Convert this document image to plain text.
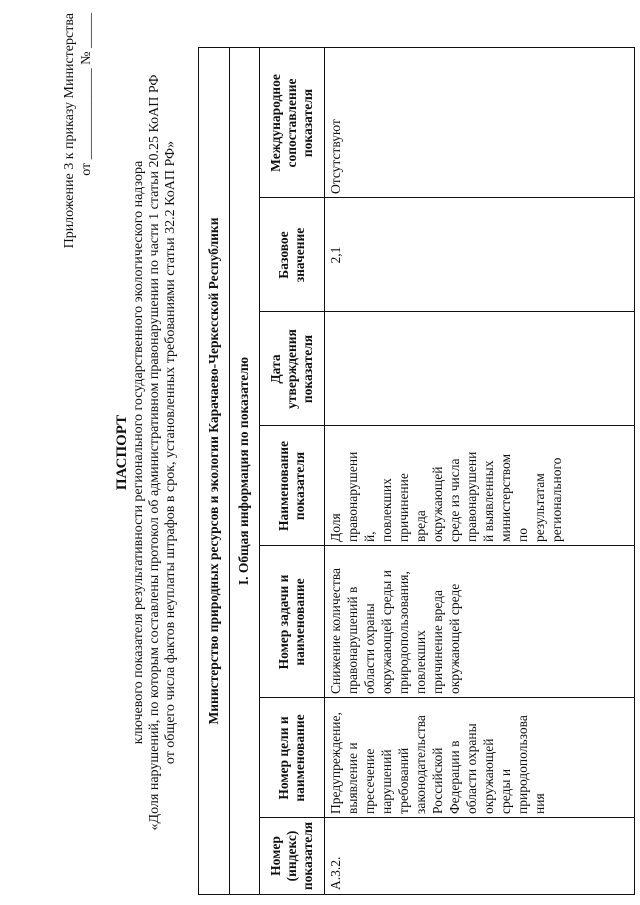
Приложение 3 к приказу Министерства от _____________ № _____
ПАСПОРТ ключевого показателя результативности регионального государственного экологического надзора «Доля нарушений, по которым составлены протокол об административном правонарушении по части 1 статьи 20.25 КоАП РФ от общего числа фактов неуплаты штрафов в срок, установленных требованиями статьи 32.2 КоАП РФ»	Министерство природных ресурсов и экологии Карачаево-Черкесской Республики	I. Общая информация по показателю
Номер (индекс) показателя
Номер цели и наименование
Номер задачи и наименование
Наименование показателя
Дата утверждения показателя
Базовое значение
Международное сопоставление показателя
А.3.2.
Предупреждение, выявление и пресечение нарушений требований законодательства Российской Федерации в области охраны окружающей среды и природопользова ния
Снижение количества правонарушений в области охраны окружающей среды и природопользования, повлекших причинение вреда окружающей среде
Доля правонарушени й, повлекших причинение вреда окружающей среде из числа правонарушени й выявленных министерством по результатам регионального
2,1
Отсутствуют
